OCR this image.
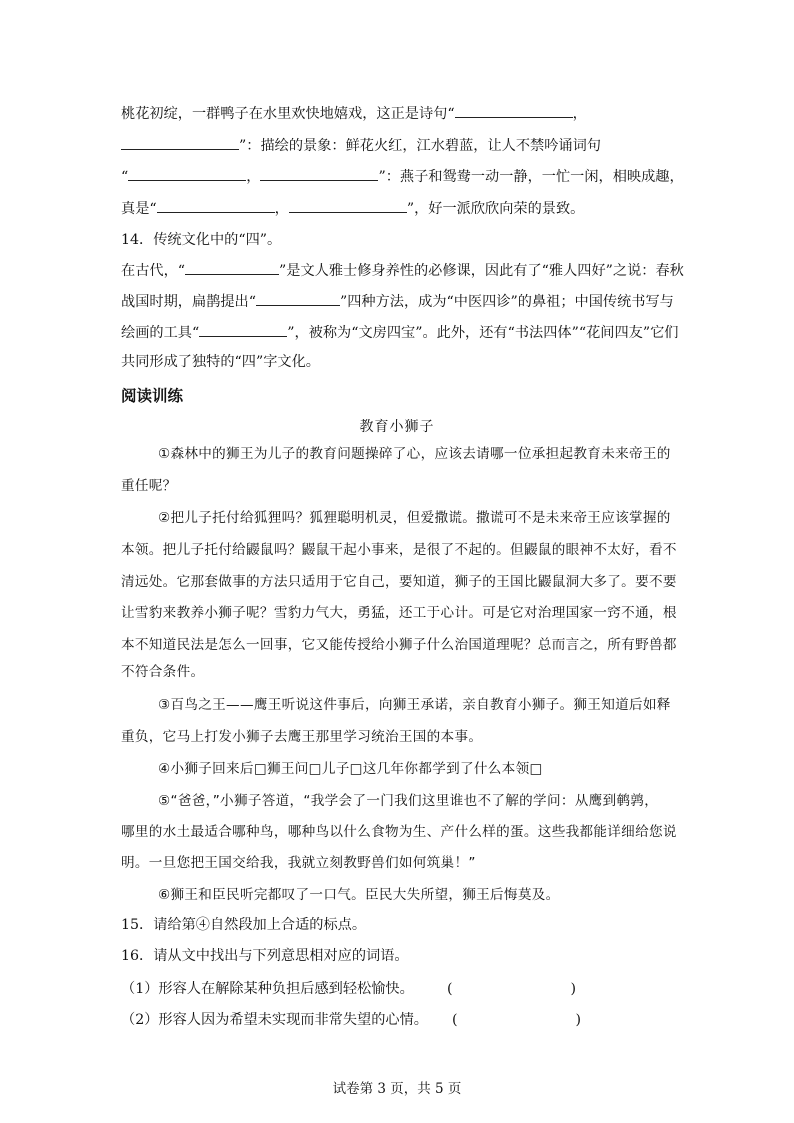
桃花初绽，一群鸭子在水里欢快地嬉戏，这正是诗句“	，
”：描绘的景象：鲜花火红，江水碧蓝，让人不禁吟诵词句
“	，	”：燕子和鸳鸯一动一静，一忙一闲，相映成趣，
真是“	，	”，好一派欣欣向荣的景致。
14．传统文化中的“四”。
在古代，“	”是文人雅士修身养性的必修课，因此有了“雅人四好”之说：春秋
战国时期，扁鹊提出“	”四种方法，成为“中医四诊”的鼻祖；中国传统书写与
绘画的工具“	”，被称为“文房四宝”。此外，还有“书法四体”“花间四友”它们
共同形成了独特的“四”字文化。
阅读训练
教育小狮子
①森林中的狮王为儿子的教育问题操碎了心，应该去请哪一位承担起教育未来帝王的
重任呢？
②把儿子托付给狐狸吗？狐狸聪明机灵，但爱撒谎。撒谎可不是未来帝王应该掌握的
本领。把儿子托付给鼹鼠吗？鼹鼠干起小事来，是很了不起的。但鼹鼠的眼神不太好，看不
清远处。它那套做事的方法只适用于它自己，要知道，狮子的王国比鼹鼠洞大多了。要不要
让雪豹来教养小狮子呢？雪豹力气大，勇猛，还工于心计。可是它对治理国家一窍不通，根
本不知道民法是怎么一回事，它又能传授给小狮子什么治国道理呢？总而言之，所有野兽都
不符合条件。
③百鸟之王——鹰王听说这件事后，向狮王承诺，亲自教育小狮子。狮王知道后如释
重负，它马上打发小狮子去鹰王那里学习统治王国的本事。
④小狮子回来后□狮王问□儿子□这几年你都学到了什么本领□
⑤“爸爸，”小狮子答道，“我学会了一门我们这里谁也不了解的学问：从鹰到鹌鹑，
哪里的水土最适合哪种鸟，哪种鸟以什么食物为生、产什么样的蛋。这些我都能详细给您说
明。一旦您把王国交给我，我就立刻教野兽们如何筑巢！”
⑥狮王和臣民听完都叹了一口气。臣民大失所望，狮王后悔莫及。
15．请给第④自然段加上合适的标点。
16．请从文中找出与下列意思相对应的词语。
（1）形容人在解除某种负担后感到轻松愉快。 (	)
（2）形容人因为希望未实现而非常失望的心情。 (	)
试卷第 3 页，共 5 页
